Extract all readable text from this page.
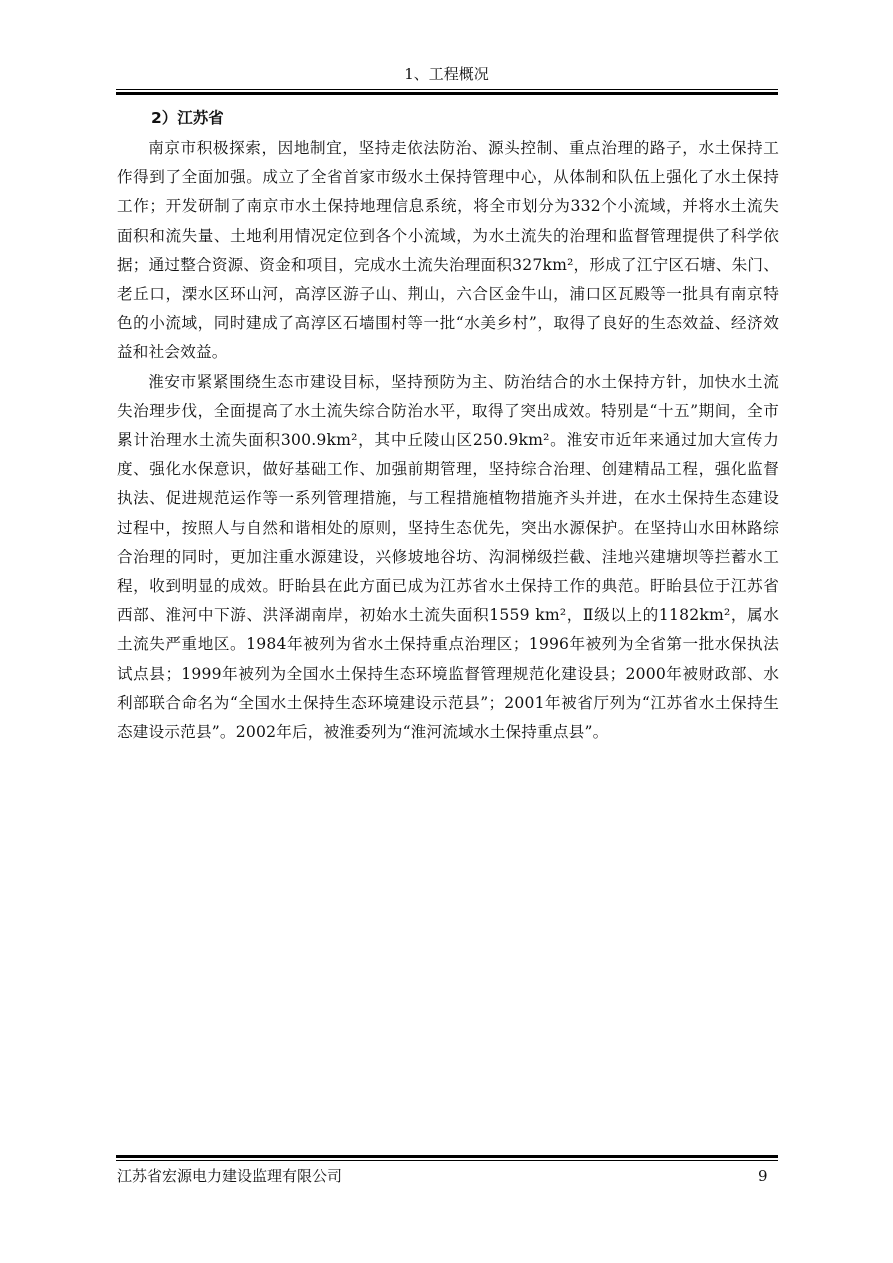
1、工程概况
2）江苏省

南京市积极探索，因地制宜，坚持走依法防治、源头控制、重点治理的路子，水土保持工作得到了全面加强。成立了全省首家市级水土保持管理中心，从体制和队伍上强化了水土保持工作；开发研制了南京市水土保持地理信息系统，将全市划分为332个小流域，并将水土流失面积和流失量、土地利用情况定位到各个小流域，为水土流失的治理和监督管理提供了科学依据；通过整合资源、资金和项目，完成水土流失治理面积327km²，形成了江宁区石塘、朱门、老丘口，溧水区环山河，高淳区游子山、荆山，六合区金牛山，浦口区瓦殿等一批具有南京特色的小流域，同时建成了高淳区石墙围村等一批“水美乡村”，取得了良好的生态效益、经济效益和社会效益。

淮安市紧紧围绕生态市建设目标，坚持预防为主、防治结合的水土保持方针，加快水土流失治理步伐，全面提高了水土流失综合防治水平，取得了突出成效。特别是“十五”期间，全市累计治理水土流失面积300.9km²，其中丘陵山区250.9km²。淮安市近年来通过加大宣传力度、强化水保意识，做好基础工作、加强前期管理，坚持综合治理、创建精品工程，强化监督执法、促进规范运作等一系列管理措施，与工程措施植物措施齐头并进，在水土保持生态建设过程中，按照人与自然和谐相处的原则，坚持生态优先，突出水源保护。在坚持山水田林路综合治理的同时，更加注重水源建设，兴修坡地谷坊、沟洞梯级拦截、洼地兴建塘坝等拦蓄水工程，收到明显的成效。盱眙县在此方面已成为江苏省水土保持工作的典范。盱眙县位于江苏省西部、淮河中下游、洪泽湖南岸，初始水土流失面积1559 km²，Ⅱ级以上的1182km²，属水土流失严重地区。1984年被列为省水土保持重点治理区；1996年被列为全省第一批水保执法试点县；1999年被列为全国水土保持生态环境监督管理规范化建设县；2000年被财政部、水利部联合命名为“全国水土保持生态环境建设示范县”；2001年被省厅列为“江苏省水土保持生态建设示范县”。2002年后，被淮委列为“淮河流域水土保持重点县”。

江苏省宏源电力建设监理有限公司	9
